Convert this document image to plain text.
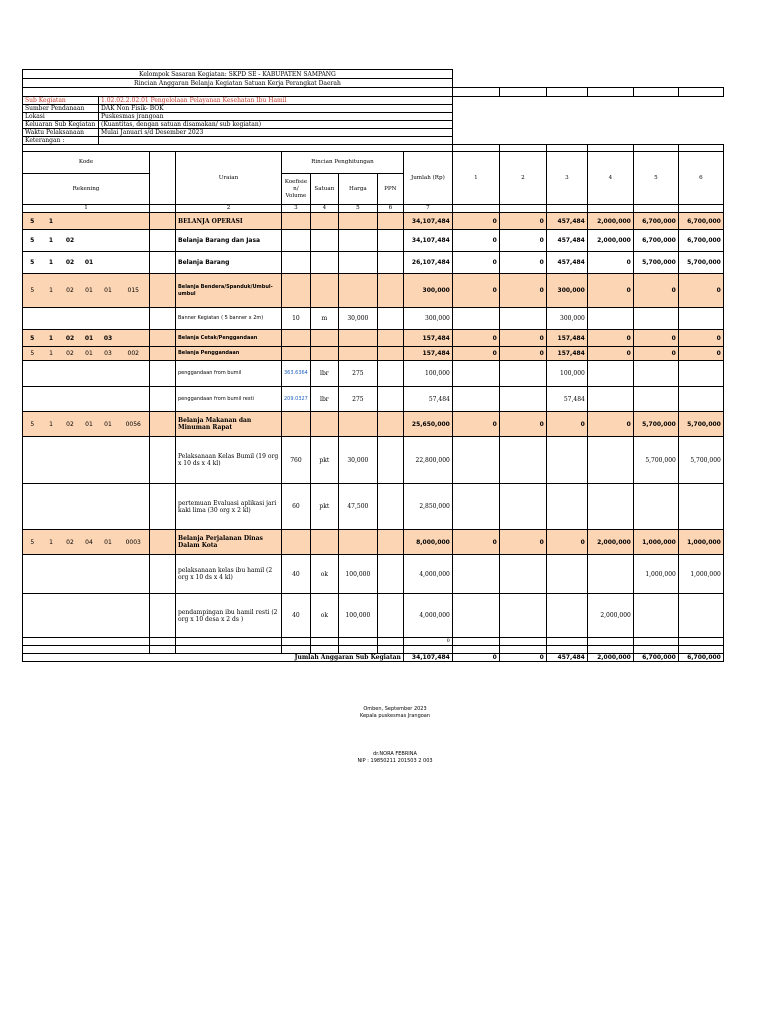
Kelompok Sasaran Kegiatan: SKPD SE - KABUPATEN SAMPANG																		
Rincian Anggaran Belanja Kegiatan Satuan Kerja Perangkat Daerah																		

Sub Kegiatan				1.02.02.2.02.01 Pengelolaan Pelayanan Kesehatan Ibu Hamil														
Sumber Pendanaan				DAK Non Fisik- BOK														
Lokasi				Puskesmas jrangoan														
Keluaran Sub Kegiatan				(Kuantitas, dengan satuan disamakan/ sub kegiatan)														
Waktu Pelaksanaan				Mulai Januari s/d Desember 2023														
Keterangan :																		

Kode							Uraian	Rincian Penghitungan				Jumlah (Rp)	1	2	3	4	5	6
Rekening								Koefisie n/ Volume	Satuan	Harga	PPN							
1							2	3	4	5	6	7						
5	1						BELANJA OPERASI					34,107,484	0	0	457,484	2,000,000	6,700,000	6,700,000
5	1	02					Belanja Barang dan Jasa					34,107,484	0	0	457,484	2,000,000	6,700,000	6,700,000
5	1	02	01				Belanja Barang					26,107,484	0	0	457,484	0	5,700,000	5,700,000
5	1	02	01	01	015		Belanja Bendera/Spanduk/Umbul-umbul					300,000	0	0	300,000	0	0	0
							Banner Kegiatan ( 5 banner x 2m)	10	m	30,000		300,000			300,000			
5	1	02	01	03			Belanja Cetak/Penggandaan					157,484	0	0	157,484	0	0	0
5	1	02	01	03	002		Belanja Penggandaan					157,484	0	0	157,484	0	0	0
							penggandaan from bumil	363.6364	lbr	275		100,000			100,000			
							penggandaan from bumil resti	209.0327	lbr	275		57,484			57,484			
5	1	02	01	01	0056		Belanja Makanan dan Minuman Rapat					25,650,000	0	0	0	0	5,700,000	5,700,000
							Pelaksanaan Kelas Bumil (19 org x 10 ds x 4 kl)	760	pkt	30,000		22,800,000					5,700,000	5,700,000
							pertemuan Evaluasi aplikasi jari kaki lima (30 org x 2 kl)	60	pkt	47,500		2,850,000						
5	1	02	04	01	0003		Belanja Perjalanan Dinas Dalam Kota					8,000,000	0	0	0	2,000,000	1,000,000	1,000,000
							pelaksanaan kelas ibu hamil (2 org x 10 ds x 4 kl)	40	ok	100,000		4,000,000					1,000,000	1,000,000
							pendampingan ibu hamil resti (2 org x 10 desa x 2 ds )	40	ok	100,000		4,000,000				2,000,000		
												0						

Jumlah Anggaran Sub Kegiatan												34,107,484	0	0	457,484	2,000,000	6,700,000	6,700,000
Omben, September 2023
Kepala puskesmas Jrangoan
dr.NORA FEBRINA
NIP : 19850211 201503 2 003
